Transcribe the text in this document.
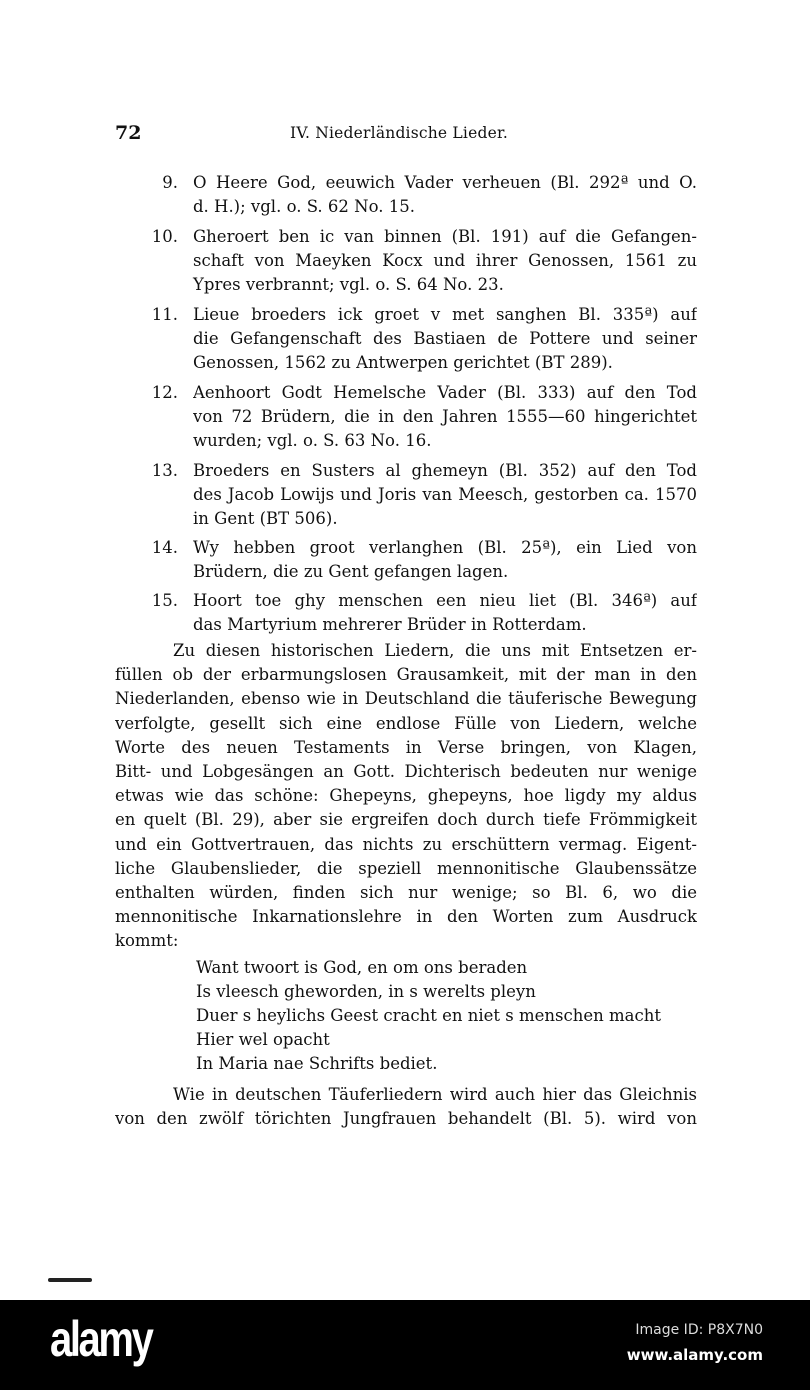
72	IV. Niederländische Lieder.
9. O Heere God, eeuwich Vader verheuen (Bl. 292ª und O.
d. H.); vgl. o. S. 62 No. 15.
10. Gheroert ben ic van binnen (Bl. 191) auf die Gefangen-
schaft von Maeyken Kocx und ihrer Genossen, 1561 zu
Ypres verbrannt; vgl. o. S. 64 No. 23.
11. Lieue broeders ick groet v met sanghen Bl. 335ª) auf
die Gefangenschaft des Bastiaen de Pottere und seiner
Genossen, 1562 zu Antwerpen gerichtet (BT 289).
12. Aenhoort Godt Hemelsche Vader (Bl. 333) auf den Tod
von 72 Brüdern, die in den Jahren 1555—60 hingerichtet
wurden; vgl. o. S. 63 No. 16.
13. Broeders en Susters al ghemeyn (Bl. 352) auf den Tod
des Jacob Lowijs und Joris van Meesch, gestorben ca. 1570
in Gent (BT 506).
14. Wy hebben groot verlanghen (Bl. 25ª), ein Lied von
Brüdern, die zu Gent gefangen lagen.
15. Hoort toe ghy menschen een nieu liet (Bl. 346ª) auf
das Martyrium mehrerer Brüder in Rotterdam.
Zu diesen historischen Liedern, die uns mit Entsetzen er-
füllen ob der erbarmungslosen Grausamkeit, mit der man in den
Niederlanden, ebenso wie in Deutschland die täuferische Bewegung
verfolgte, gesellt sich eine endlose Fülle von Liedern, welche
Worte des neuen Testaments in Verse bringen, von Klagen,
Bitt- und Lobgesängen an Gott. Dichterisch bedeuten nur wenige
etwas wie das schöne: Ghepeyns, ghepeyns, hoe ligdy my aldus
en quelt (Bl. 29), aber sie ergreifen doch durch tiefe Frömmigkeit
und ein Gottvertrauen, das nichts zu erschüttern vermag. Eigent-
liche Glaubenslieder, die speziell mennonitische Glaubenssätze
enthalten würden, finden sich nur wenige; so Bl. 6, wo die
mennonitische Inkarnationslehre in den Worten zum Ausdruck
kommt:
Want twoort is God, en om ons beraden
Is vleesch gheworden, in s werelts pleyn
Duer s heylichs Geest cracht en niet s menschen macht
Hier wel opacht
In Maria nae Schrifts bediet.
Wie in deutschen Täuferliedern wird auch hier das Gleichnis
von den zwölf törichten Jungfrauen behandelt (Bl. 5). wird von
alamy	Image ID: P8X7N0
www.alamy.com
